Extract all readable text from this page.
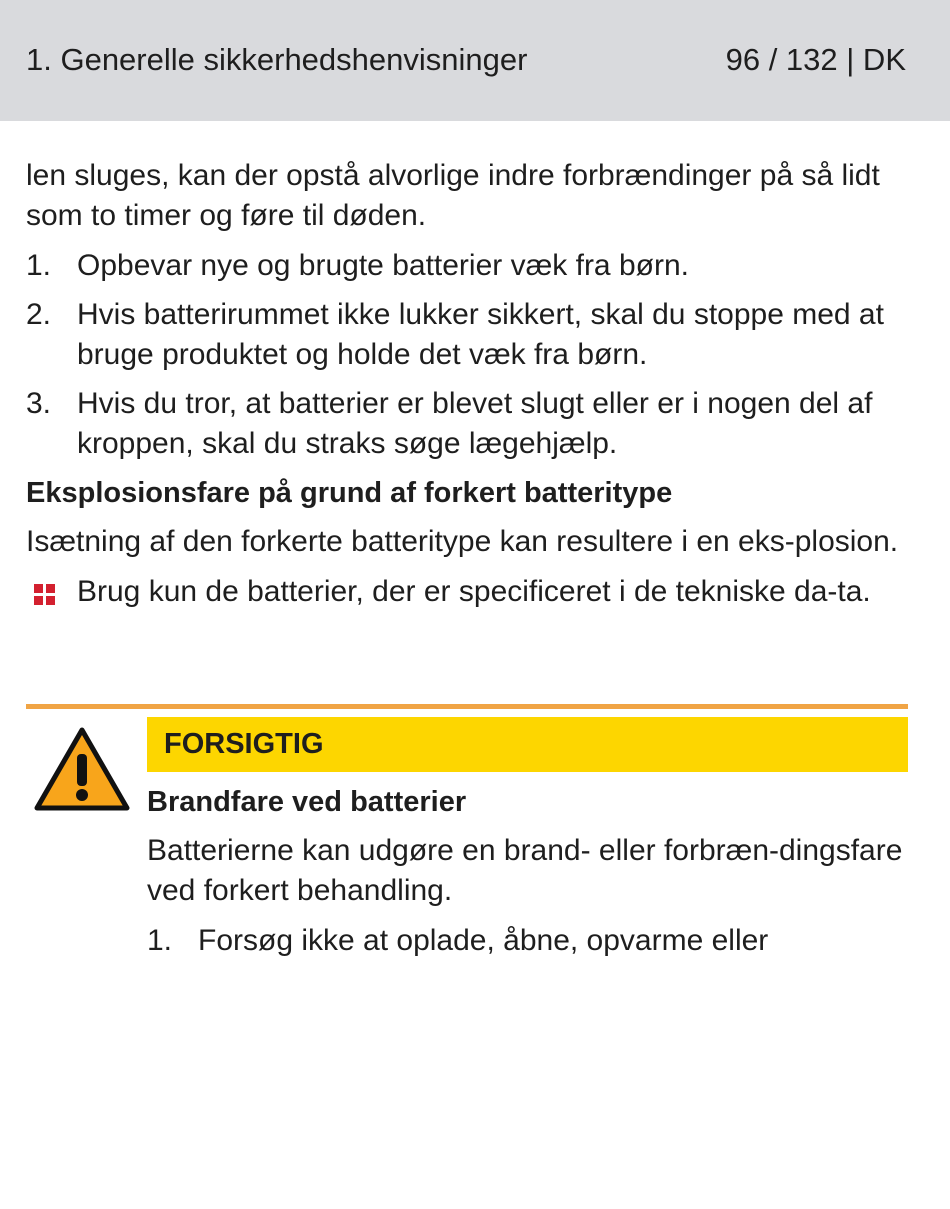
1. Generelle sikkerhedshenvisninger	96 / 132 | DK

len sluges, kan der opstå alvorlige indre forbrændinger på så lidt som to timer og føre til døden.

1. Opbevar nye og brugte batterier væk fra børn.
2. Hvis batterirummet ikke lukker sikkert, skal du stoppe med at bruge produktet og holde det væk fra børn.
3. Hvis du tror, at batterier er blevet slugt eller er i nogen del af kroppen, skal du straks søge lægehjælp.
Eksplosionsfare på grund af forkert batteritype

Isætning af den forkerte batteritype kan resultere i en eks-plosion.

Brug kun de batterier, der er specificeret i de tekniske da-ta.
FORSIGTIG
Brandfare ved batterier

Batterierne kan udgøre en brand- eller forbræn-dingsfare ved forkert behandling.

1. Forsøg ikke at oplade, åbne, opvarme eller
